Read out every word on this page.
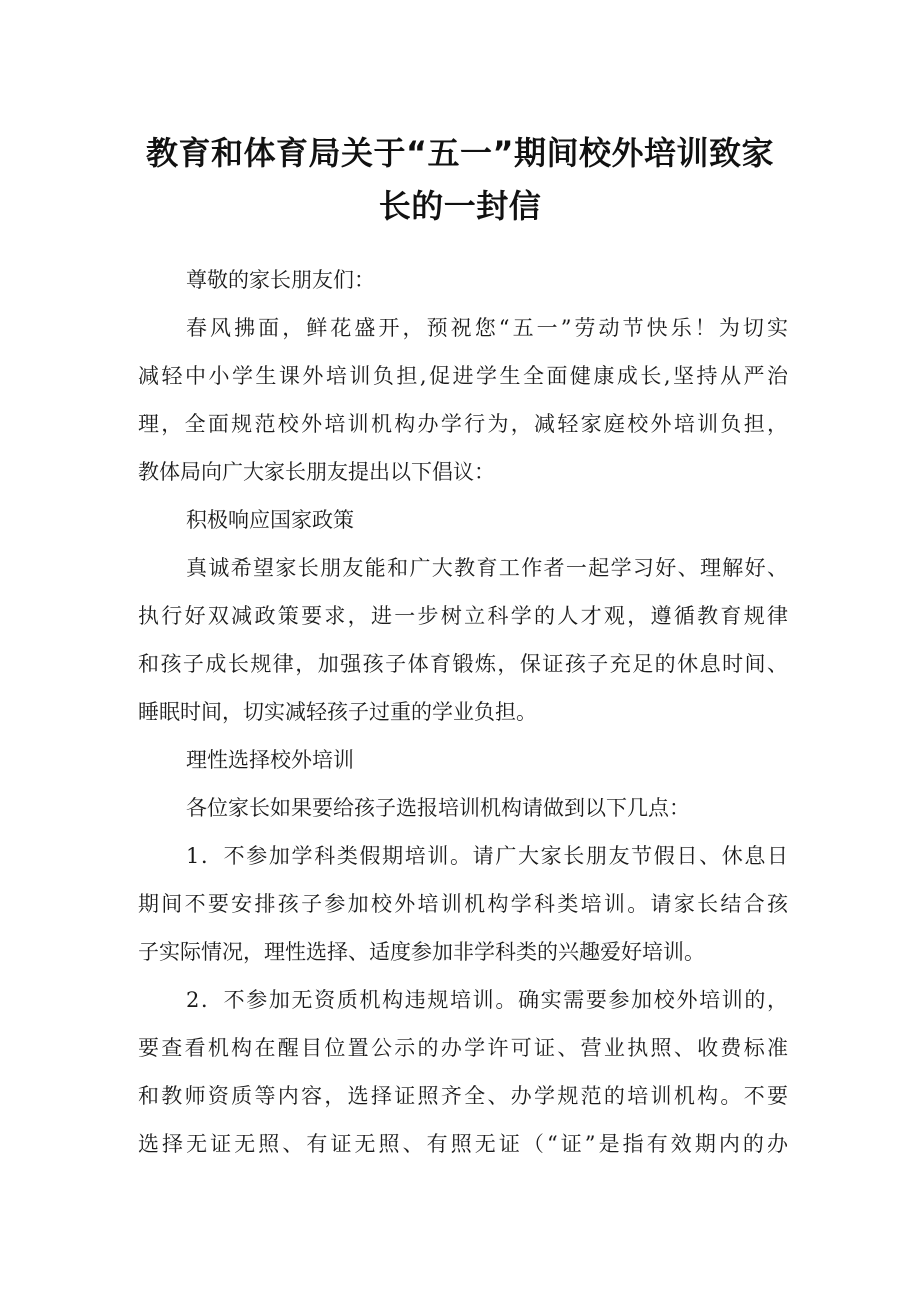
教育和体育局关于“五一”期间校外培训致家
长的一封信
尊敬的家长朋友们：
春风拂面，鲜花盛开，预祝您“五一”劳动节快乐！为切实
减轻中小学生课外培训负担,促进学生全面健康成长,坚持从严治
理，全面规范校外培训机构办学行为，减轻家庭校外培训负担，
教体局向广大家长朋友提出以下倡议：
积极响应国家政策
真诚希望家长朋友能和广大教育工作者一起学习好、理解好、
执行好双减政策要求，进一步树立科学的人才观，遵循教育规律
和孩子成长规律，加强孩子体育锻炼，保证孩子充足的休息时间、
睡眠时间，切实减轻孩子过重的学业负担。
理性选择校外培训
各位家长如果要给孩子选报培训机构请做到以下几点：
1．不参加学科类假期培训。请广大家长朋友节假日、休息日
期间不要安排孩子参加校外培训机构学科类培训。请家长结合孩
子实际情况，理性选择、适度参加非学科类的兴趣爱好培训。
2．不参加无资质机构违规培训。确实需要参加校外培训的，
要查看机构在醒目位置公示的办学许可证、营业执照、收费标准
和教师资质等内容，选择证照齐全、办学规范的培训机构。不要
选择无证无照、有证无照、有照无证（“证”是指有效期内的办
